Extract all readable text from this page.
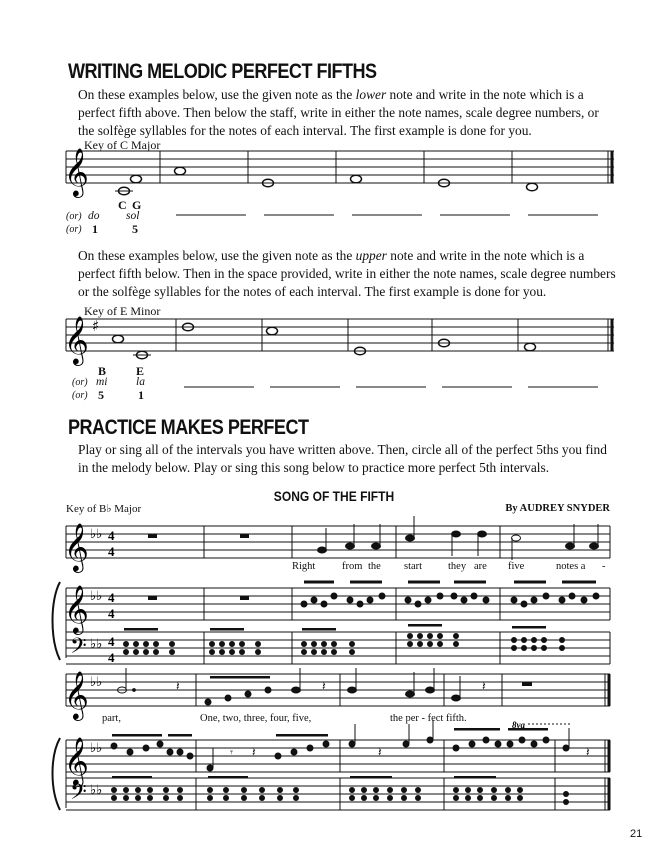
WRITING MELODIC PERFECT FIFTHS

On these examples below, use the given note as the lower note and write in the note which is a perfect fifth above. Then below the staff, write in either the note names, scale degree numbers, or the solfège syllables for the notes of each interval. The first example is done for you.

Key of C Major
𝄞
𝄞 ♯
𝄞 ♭♭ 4
4
𝄞 ♭♭ 4
4
𝄢 ♭♭ 4
4
𝄞 ♭♭	𝄽	𝄽	𝄽
𝄞 ♭♭	𝄾 𝄽	𝄽	𝄽
8va
𝄢 ♭♭
C G
(or) do sol
(or) 1	5

On these examples below, use the given note as the upper note and write in the note which is a perfect fifth below. Then in the space provided, write in either the note names, scale degree numbers or the solfège syllables for the notes of each interval. The first example is done for you.

Key of E Minor
B E
(or) mi la
(or) 5	1
PRACTICE MAKES PERFECT

Play or sing all of the intervals you have written above. Then, circle all of the perfect 5ths you find in the melody below. Play or sing this song below to practice more perfect 5th intervals.

SONG OF THE FIFTH
Key of B♭ Major	By AUDREY SNYDER
Right	from the start they are five	notes a -
part,	One, two, three, four, five,	the per - fect fifth.
21
